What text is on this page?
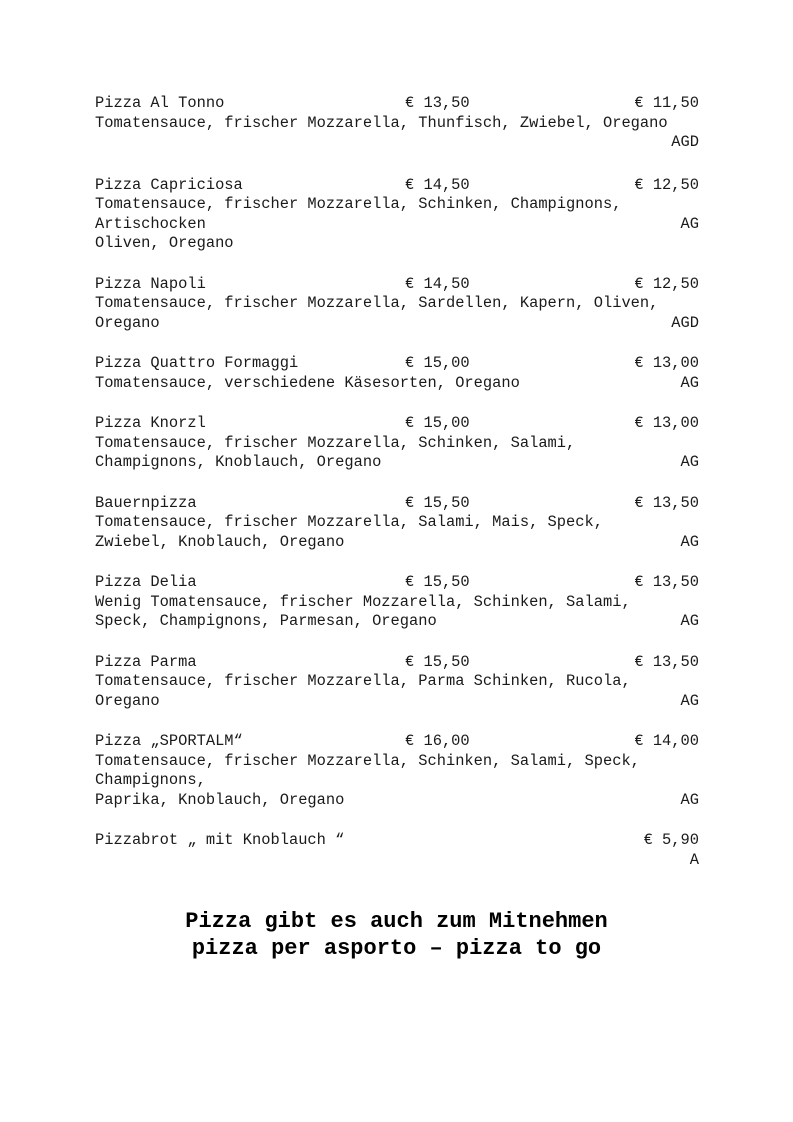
Pizza Al Tonno	€ 13,50	€ 11,50
Tomatensauce, frischer Mozzarella, Thunfisch, Zwiebel, Oregano
AGD
Pizza Capriciosa	€ 14,50	€ 12,50
Tomatensauce, frischer Mozzarella, Schinken, Champignons,
Artischocken	AG
Oliven, Oregano
Pizza Napoli	€ 14,50	€ 12,50
Tomatensauce, frischer Mozzarella, Sardellen, Kapern, Oliven,
Oregano	AGD
Pizza Quattro Formaggi	€ 15,00	€ 13,00
Tomatensauce, verschiedene Käsesorten, Oregano	AG
Pizza Knorzl	€ 15,00	€ 13,00
Tomatensauce, frischer Mozzarella, Schinken, Salami,
Champignons, Knoblauch, Oregano	AG
Bauernpizza	€ 15,50	€ 13,50
Tomatensauce, frischer Mozzarella, Salami, Mais, Speck,
Zwiebel, Knoblauch, Oregano	AG
Pizza Delia	€ 15,50	€ 13,50
Wenig Tomatensauce, frischer Mozzarella, Schinken, Salami,
Speck, Champignons, Parmesan, Oregano	AG
Pizza Parma	€ 15,50	€ 13,50
Tomatensauce, frischer Mozzarella, Parma Schinken, Rucola,
Oregano	AG
Pizza „SPORTALM“	€ 16,00	€ 14,00
Tomatensauce, frischer Mozzarella, Schinken, Salami, Speck,
Champignons,
Paprika, Knoblauch, Oregano	AG
Pizzabrot „ mit Knoblauch “	€ 5,90
A
Pizza gibt es auch zum Mitnehmen
pizza per asporto – pizza to go
